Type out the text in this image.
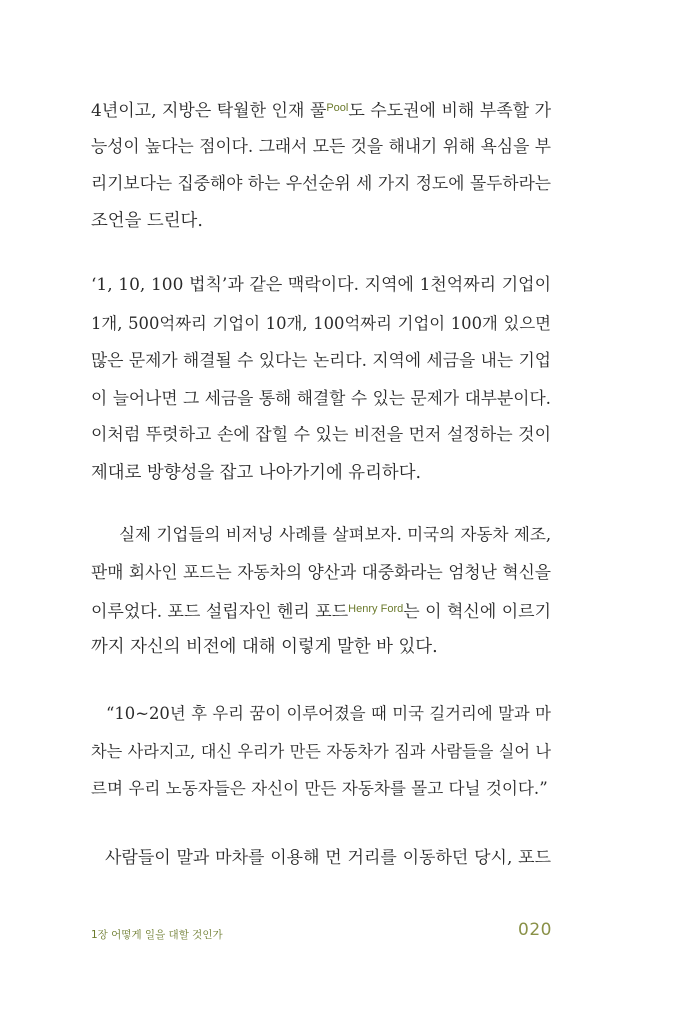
4년이고, 지방은 탁월한 인재 풀$^{Pool}$도 수도권에 비해 부족할 가
능성이 높다는 점이다. 그래서 모든 것을 해내기 위해 욕심을 부
리기보다는 집중해야 하는 우선순위 세 가지 정도에 몰두하라는
조언을 드린다.
‘1, 10, 100 법칙’과 같은 맥락이다. 지역에 1천억짜리 기업이
1개, 500억짜리 기업이 10개, 100억짜리 기업이 100개 있으면
많은 문제가 해결될 수 있다는 논리다. 지역에 세금을 내는 기업
이 늘어나면 그 세금을 통해 해결할 수 있는 문제가 대부분이다.
이처럼 뚜렷하고 손에 잡힐 수 있는 비전을 먼저 설정하는 것이
제대로 방향성을 잡고 나아가기에 유리하다.
실제 기업들의 비저닝 사례를 살펴보자. 미국의 자동차 제조,
판매 회사인 포드는 자동차의 양산과 대중화라는 엄청난 혁신을
이루었다. 포드 설립자인 헨리 포드$^{Henry Ford}$는 이 혁신에 이르기
까지 자신의 비전에 대해 이렇게 말한 바 있다.
“10~20년 후 우리 꿈이 이루어졌을 때 미국 길거리에 말과 마
차는 사라지고, 대신 우리가 만든 자동차가 짐과 사람들을 실어 나
르며 우리 노동자들은 자신이 만든 자동차를 몰고 다닐 것이다.”
사람들이 말과 마차를 이용해 먼 거리를 이동하던 당시, 포드
1장 어떻게 일을 대할 것인가	020
